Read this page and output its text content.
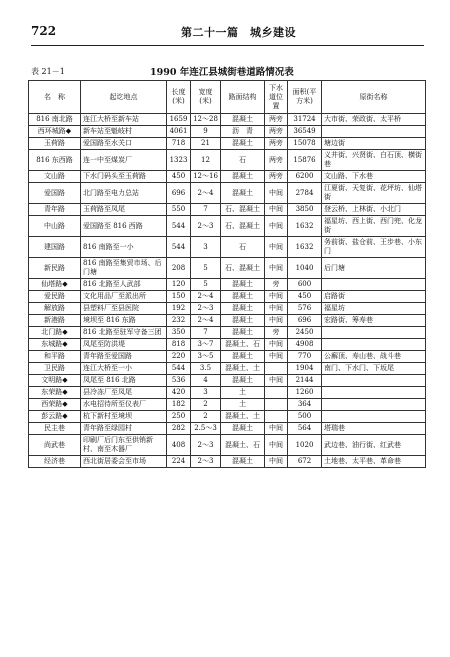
722	第二十一篇　城乡建设
表 21－1	1990 年连江县城街巷道路情况表
名　称	起讫地点	长度(米)	宽度(米)	路面结构	下水道位置	面积(平方米)	原街名称
816 南北路	连江大桥至新车站	1659	12～28	混凝土	两旁	31724	大市街、荣政街、太平桥
西环城路◆	新车站至魁岐村	4061	9	沥　青	两旁	36549	
玉荷路	爱国路至水关口	718	21	混凝土	两旁	15078	塘边街
816 东西路	连一中至煤炭厂	1323	12	石	两旁	15876	义井街、兴贤街、白石顶、横街巷
文山路	下水门码头至玉荷路	450	12～16	混凝土	两旁	6200	文山路、下水巷
爱国路	北门路至电力总站	696	2～4	混凝土	中间	2784	江夏街、天复街、花坪坊、仙塔街
青年路	玉荷路至凤尾	550	7	石、混凝土	中间	3850	登云桥、上林街、小北门
中山路	爱国路至 816 西路	544	2～3	石、混凝土	中间	1632	福星坊、西上街、西门兜、化龙街
建国路	816 南路至一小	544	3	石	中间	1632	务前街、盐仓前、王步巷、小东门
新民路	816 南路至集贸市场、后门塘	208	5	石、混凝土	中间	1040	后门塘
仙塔路◆	816 北路至人武部	120	5	混凝土	旁	600	
爱民路	文化用品厂至派出所	150	2～4	混凝土	中间	450	启路街
解放路	县塑料厂至县医院	192	2～3	混凝土	中间	576	福星坊
新港路	境坝至 816 东路	232	2～4	混凝土	中间	696	宏路街、筹寿巷
北门路◆	816 北路至驻军守备三团	350	7	混凝土	旁	2450	
东城路◆	凤尾至防洪堤	818	3～7	混凝土、石	中间	4908	
和平路	青年路至爱国路	220	3～5	混凝土	中间	770	公廨顶、寿山巷、战斗巷
卫民路	连江大桥至一小	544	3.5	混凝土、土		1904	南门、下水门、下坂尾
文明路◆	凤尾至 816 北路	536	4	混凝土	中间	2144	
东荣路◆	县冷冻厂至凤尾	420	3	土		1260	
西荣路◆	水电招待所至仪表厂	182	2	土		364	
彭云路◆	杭下新村至境坝	250	2	混凝土、土		500	
民主巷	青年路至绿园村	282	2.5～3	混凝土	中间	564	塔瑞巷
尚武巷	印刷厂后门东至供销新村、南至木器厂	408	2～3	混凝土、石	中间	1020	武边巷、油行街、红武巷
经济巷	西北街居委会至市场	224	2～3	混凝土	中间	672	土地巷、太平巷、革命巷
